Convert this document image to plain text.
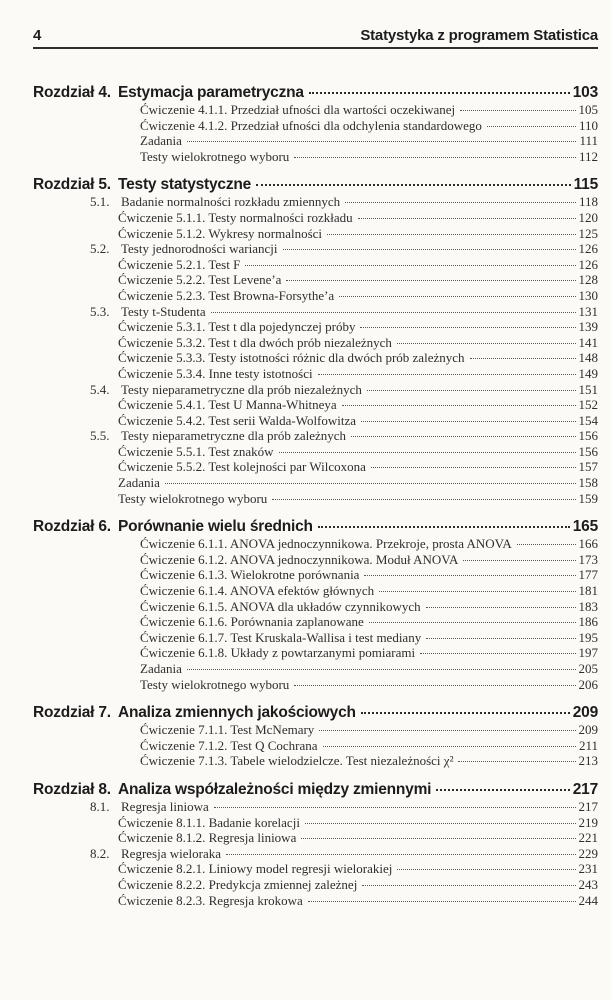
4	Statystyka z programem Statistica
Rozdział 4. Estymacja parametryczna	103
Ćwiczenie 4.1.1. Przedział ufności dla wartości oczekiwanej	105
Ćwiczenie 4.1.2. Przedział ufności dla odchylenia standardowego	110
Zadania	111
Testy wielokrotnego wyboru	112
Rozdział 5. Testy statystyczne	115
5.1. Badanie normalności rozkładu zmiennych	118
Ćwiczenie 5.1.1. Testy normalności rozkładu	120
Ćwiczenie 5.1.2. Wykresy normalności	125
5.2. Testy jednorodności wariancji	126
Ćwiczenie 5.2.1. Test F	126
Ćwiczenie 5.2.2. Test Levene’a	128
Ćwiczenie 5.2.3. Test Browna-Forsythe’a	130
5.3. Testy t-Studenta	131
Ćwiczenie 5.3.1. Test t dla pojedynczej próby	139
Ćwiczenie 5.3.2. Test t dla dwóch prób niezależnych	141
Ćwiczenie 5.3.3. Testy istotności różnic dla dwóch prób zależnych	148
Ćwiczenie 5.3.4. Inne testy istotności	149
5.4. Testy nieparametryczne dla prób niezależnych	151
Ćwiczenie 5.4.1. Test U Manna-Whitneya	152
Ćwiczenie 5.4.2. Test serii Walda-Wolfowitza	154
5.5. Testy nieparametryczne dla prób zależnych	156
Ćwiczenie 5.5.1. Test znaków	156
Ćwiczenie 5.5.2. Test kolejności par Wilcoxona	157
Zadania	158
Testy wielokrotnego wyboru	159
Rozdział 6. Porównanie wielu średnich	165
Ćwiczenie 6.1.1. ANOVA jednoczynnikowa. Przekroje, prosta ANOVA	166
Ćwiczenie 6.1.2. ANOVA jednoczynnikowa. Moduł ANOVA	173
Ćwiczenie 6.1.3. Wielokrotne porównania	177
Ćwiczenie 6.1.4. ANOVA efektów głównych	181
Ćwiczenie 6.1.5. ANOVA dla układów czynnikowych	183
Ćwiczenie 6.1.6. Porównania zaplanowane	186
Ćwiczenie 6.1.7. Test Kruskala-Wallisa i test mediany	195
Ćwiczenie 6.1.8. Układy z powtarzanymi pomiarami	197
Zadania	205
Testy wielokrotnego wyboru	206
Rozdział 7. Analiza zmiennych jakościowych	209
Ćwiczenie 7.1.1. Test McNemary	209
Ćwiczenie 7.1.2. Test Q Cochrana	211
Ćwiczenie 7.1.3. Tabele wielodzielcze. Test niezależności χ²	213
Rozdział 8. Analiza współzależności między zmiennymi	217
8.1. Regresja liniowa	217
Ćwiczenie 8.1.1. Badanie korelacji	219
Ćwiczenie 8.1.2. Regresja liniowa	221
8.2. Regresja wieloraka	229
Ćwiczenie 8.2.1. Liniowy model regresji wielorakiej	231
Ćwiczenie 8.2.2. Predykcja zmiennej zależnej	243
Ćwiczenie 8.2.3. Regresja krokowa	244
